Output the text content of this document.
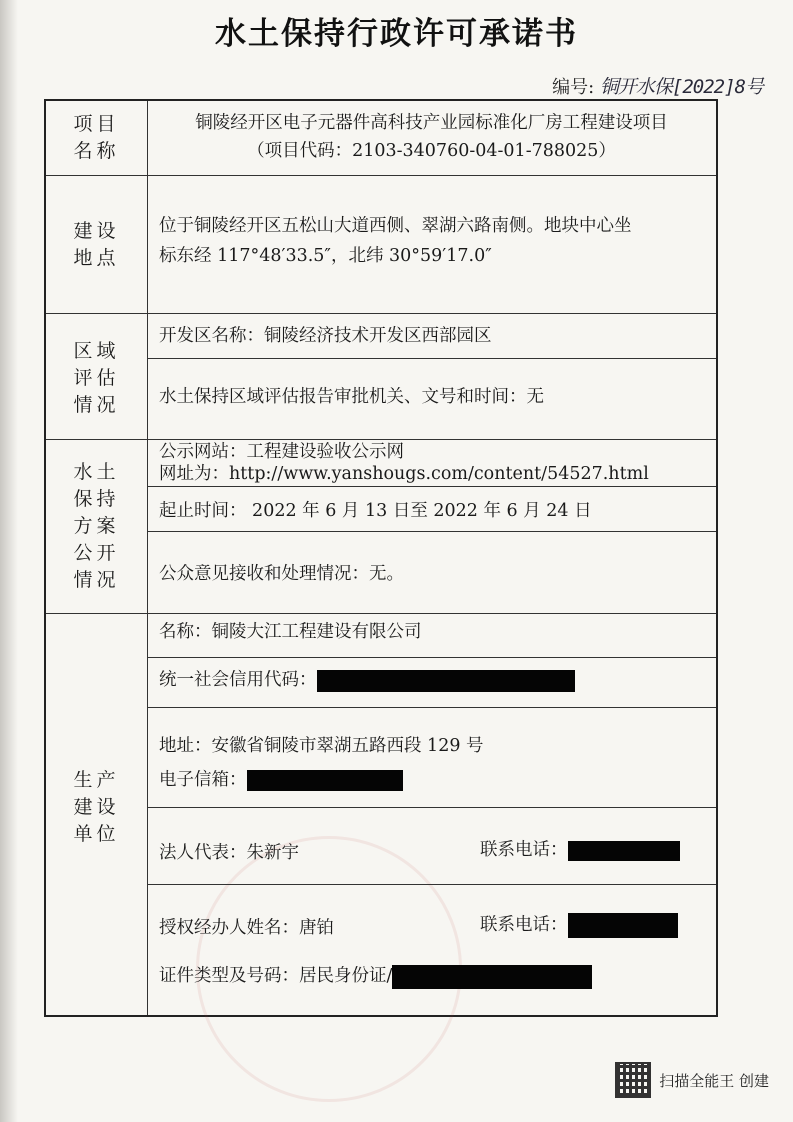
水土保持行政许可承诺书
编号: 铜开水保[2022]8号
项目
名称
铜陵经开区电子元器件高科技产业园标准化厂房工程建设项目
（项目代码：2103-340760-04-01-788025）
建设
地点
位于铜陵经开区五松山大道西侧、翠湖六路南侧。地块中心坐
标东经 117°48′33.5″，北纬 30°59′17.0″
区域
评估
情况
开发区名称：铜陵经济技术开发区西部园区
水土保持区域评估报告审批机关、文号和时间：无
水土
保持
方案
公开
情况
公示网站：工程建设验收公示网
网址为：http://www.yanshougs.com/content/54527.html
起止时间： 2022 年 6 月 13 日至 2022 年 6 月 24 日
公众意见接收和处理情况：无。
生产
建设
单位
名称：铜陵大江工程建设有限公司
统一社会信用代码：
地址：安徽省铜陵市翠湖五路西段 129 号
电子信箱：
法人代表：朱新宇	联系电话：
授权经办人姓名：唐铂	联系电话：
证件类型及号码：居民身份证/
扫描全能王 创建
